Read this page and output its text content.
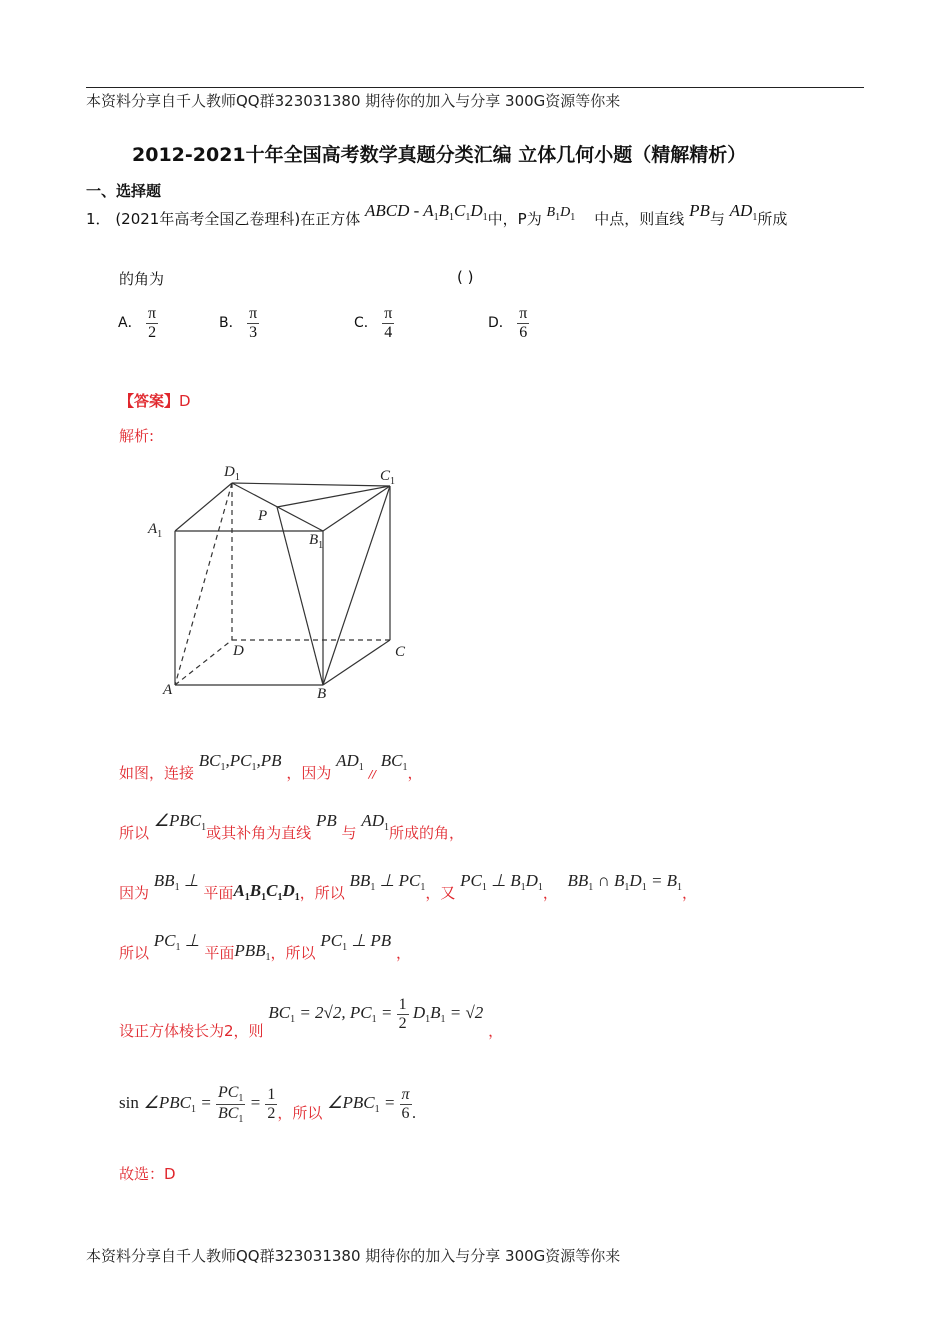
本资料分享自千人教师QQ群323031380 期待你的加入与分享 300G资源等你来
2012-2021十年全国高考数学真题分类汇编 立体几何小题（精解精析）
一、选择题
1． (2021年高考全国乙卷理科)在正方体 ABCD - $A_1B_1C_1D_1$中，P为 $B_1D_1$ 中点，则直线 PB与 $AD_1$所成
的角为	( )
A． $\frac{\pi}{2}$	B． $\frac{\pi}{3}$	C． $\frac{\pi}{4}$	D． $\frac{\pi}{6}$
【答案】D
解析:
$D_1$	$C_1$
$A_1$	$B_1$
P
D	C
A	B
如图，连接 $BC_1,PC_1,PB$ ，因为 $AD_1$ $_{//}$ $BC_1$，
所以 $\angle PBC_1$或其补角为直线 PB 与 $AD_1$所成的角，
因为 $BB_1$ ⊥ 平面$A_1B_1C_1D_1$，所以 $BB_1$ ⊥ $PC_1$，又 $PC_1$ ⊥ $B_1D_1$，  $BB_1$ ∩ $B_1D_1 = B_1$，
所以 $PC_1$ ⊥ 平面$PBB_1$，所以 $PC_1$ ⊥ PB ，
设正方体棱长为2，则 $BC_1 = 2√2$, $PC_1 = \frac{1}{2} D_1B_1 = √2$ ，
$\sin \angle PBC_1 = \frac{PC_1}{BC_1} = \frac{1}{2}$ ，所以 $\angle PBC_1 = \frac{\pi}{6}$ .
故选：D
本资料分享自千人教师QQ群323031380 期待你的加入与分享 300G资源等你来
